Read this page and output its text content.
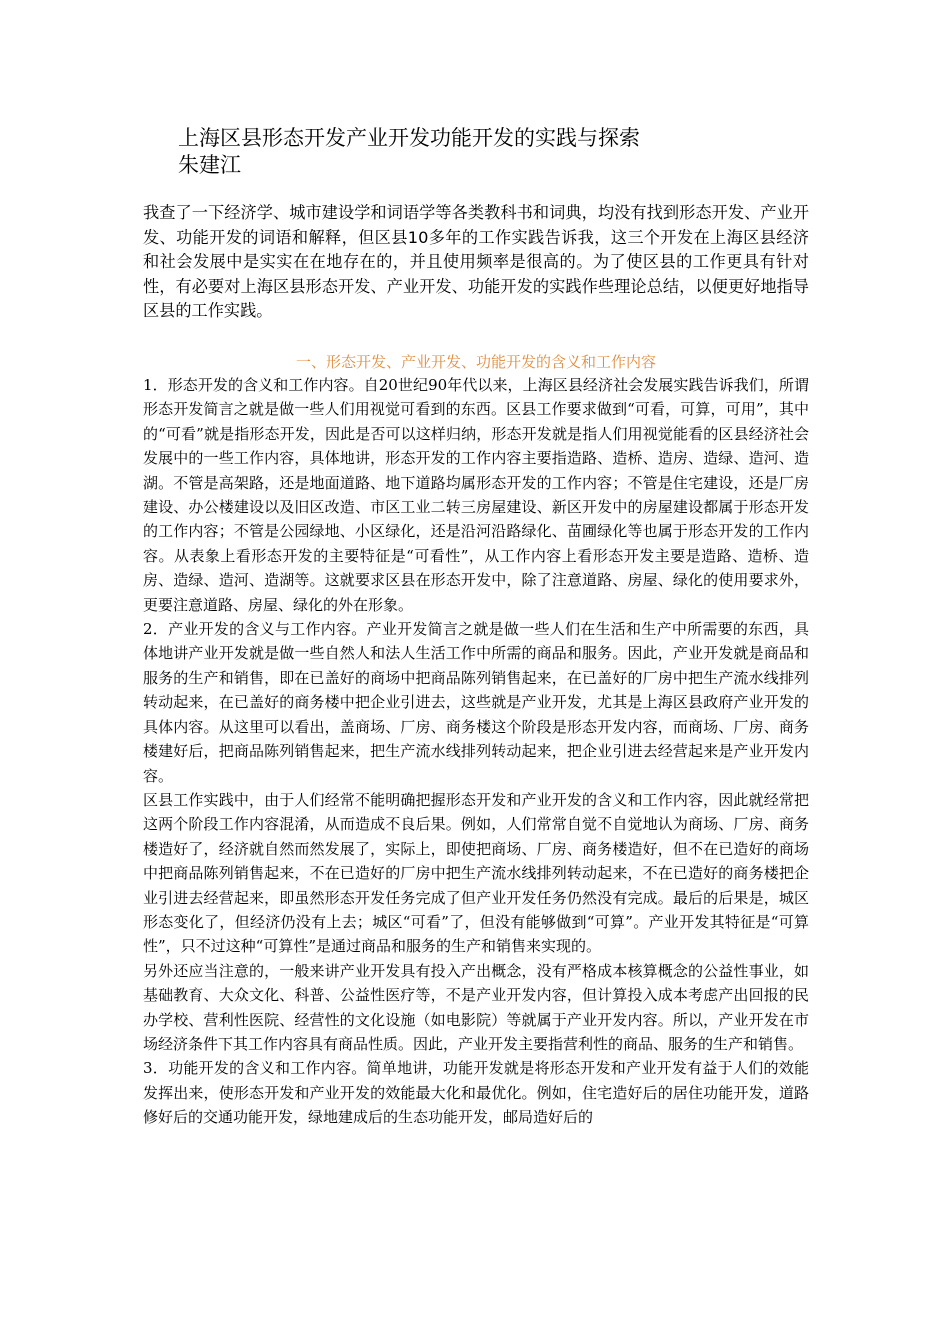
上海区县形态开发产业开发功能开发的实践与探索
朱建江

我查了一下经济学、城市建设学和词语学等各类教科书和词典，均没有找到形态开发、产业开发、功能开发的词语和解释，但区县10多年的工作实践告诉我，这三个开发在上海区县经济和社会发展中是实实在在地存在的，并且使用频率是很高的。为了使区县的工作更具有针对性，有必要对上海区县形态开发、产业开发、功能开发的实践作些理论总结，以便更好地指导区县的工作实践。

一、形态开发、产业开发、功能开发的含义和工作内容

1．形态开发的含义和工作内容。自20世纪90年代以来，上海区县经济社会发展实践告诉我们，所谓形态开发简言之就是做一些人们用视觉可看到的东西。区县工作要求做到“可看，可算，可用”，其中的“可看”就是指形态开发，因此是否可以这样归纳，形态开发就是指人们用视觉能看的区县经济社会发展中的一些工作内容，具体地讲，形态开发的工作内容主要指造路、造桥、造房、造绿、造河、造湖。不管是高架路，还是地面道路、地下道路均属形态开发的工作内容；不管是住宅建设，还是厂房建设、办公楼建设以及旧区改造、市区工业二转三房屋建设、新区开发中的房屋建设都属于形态开发的工作内容；不管是公园绿地、小区绿化，还是沿河沿路绿化、苗圃绿化等也属于形态开发的工作内容。从表象上看形态开发的主要特征是“可看性”，从工作内容上看形态开发主要是造路、造桥、造房、造绿、造河、造湖等。这就要求区县在形态开发中，除了注意道路、房屋、绿化的使用要求外，更要注意道路、房屋、绿化的外在形象。

2．产业开发的含义与工作内容。产业开发简言之就是做一些人们在生活和生产中所需要的东西，具体地讲产业开发就是做一些自然人和法人生活工作中所需的商品和服务。因此，产业开发就是商品和服务的生产和销售，即在已盖好的商场中把商品陈列销售起来，在已盖好的厂房中把生产流水线排列转动起来，在已盖好的商务楼中把企业引进去，这些就是产业开发，尤其是上海区县政府产业开发的具体内容。从这里可以看出，盖商场、厂房、商务楼这个阶段是形态开发内容，而商场、厂房、商务楼建好后，把商品陈列销售起来，把生产流水线排列转动起来，把企业引进去经营起来是产业开发内容。

区县工作实践中，由于人们经常不能明确把握形态开发和产业开发的含义和工作内容，因此就经常把这两个阶段工作内容混淆，从而造成不良后果。例如，人们常常自觉不自觉地认为商场、厂房、商务楼造好了，经济就自然而然发展了，实际上，即使把商场、厂房、商务楼造好，但不在已造好的商场中把商品陈列销售起来，不在已造好的厂房中把生产流水线排列转动起来，不在已造好的商务楼把企业引进去经营起来，即虽然形态开发任务完成了但产业开发任务仍然没有完成。最后的后果是，城区形态变化了，但经济仍没有上去；城区“可看”了，但没有能够做到“可算”。产业开发其特征是“可算性”，只不过这种“可算性”是通过商品和服务的生产和销售来实现的。

另外还应当注意的，一般来讲产业开发具有投入产出概念，没有严格成本核算概念的公益性事业，如基础教育、大众文化、科普、公益性医疗等，不是产业开发内容，但计算投入成本考虑产出回报的民办学校、营利性医院、经营性的文化设施（如电影院）等就属于产业开发内容。所以，产业开发在市场经济条件下其工作内容具有商品性质。因此，产业开发主要指营利性的商品、服务的生产和销售。

3．功能开发的含义和工作内容。简单地讲，功能开发就是将形态开发和产业开发有益于人们的效能发挥出来，使形态开发和产业开发的效能最大化和最优化。例如，住宅造好后的居住功能开发，道路修好后的交通功能开发，绿地建成后的生态功能开发，邮局造好后的
